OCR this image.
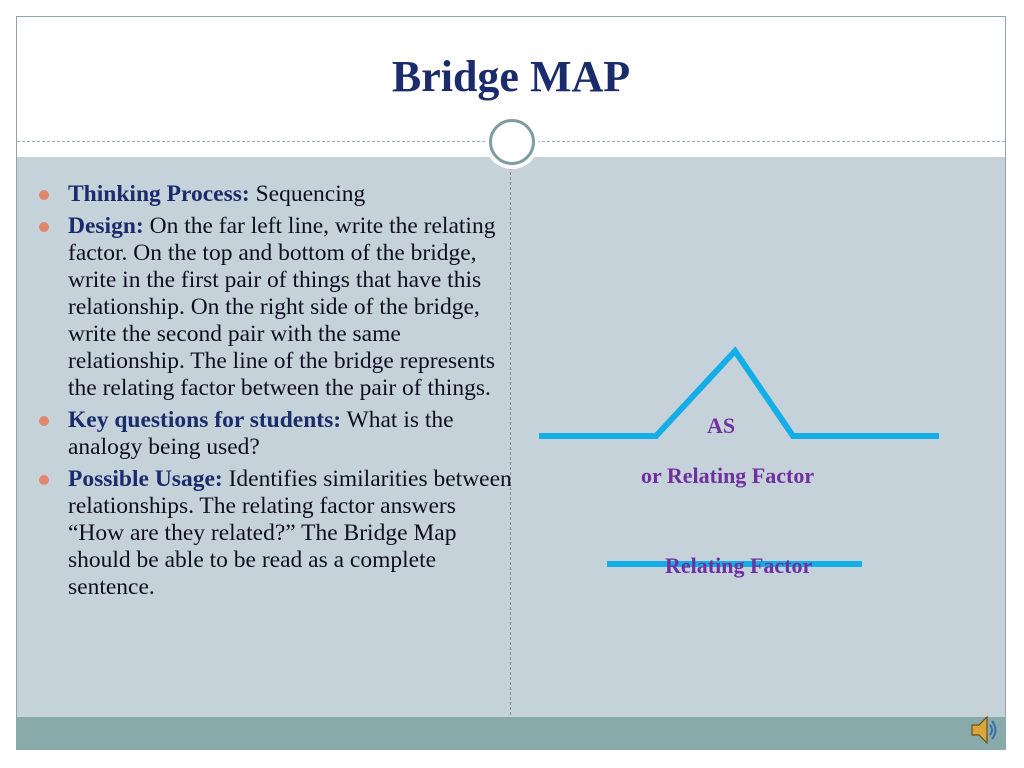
Bridge MAP
Thinking Process: Sequencing
Design: On the far left line, write the relating factor. On the top and bottom of the bridge, write in the first pair of things that have this relationship. On the right side of the bridge, write the second pair with the same relationship. The line of the bridge represents the relating factor between the pair of things.
Key questions for students: What is the analogy being used?
Possible Usage: Identifies similarities between relationships. The relating factor answers “How are they related?” The Bridge Map should be able to be read as a complete sentence.
AS
or Relating Factor
Relating Factor
